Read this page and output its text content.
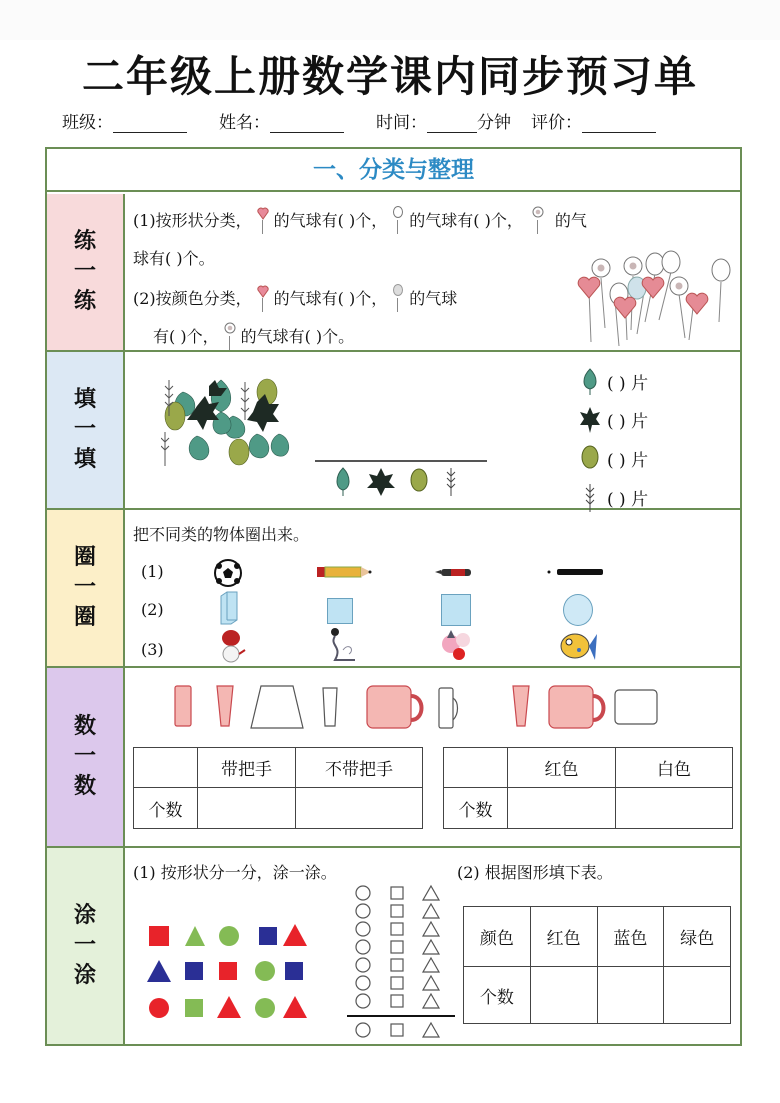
二年级上册数学课内同步预习单
班级：	姓名：	时间：	分钟 评价：
一、分类与整理
练
一
练
(1)按形状分类， 的气球有( )个， 的气球有( )个， 的气
球有( )个。
(2)按颜色分类， 的气球有( )个， 的气球
有( )个， 的气球有( )个。
填
一
填
( ) 片
( ) 片
( ) 片
( ) 片
圈
一
圈
把不同类的物体圈出来。
(1)
(2)
(3)
数
一
数
	带把手	不带把手
个数		
	红色	白色
个数		
涂
一
涂
(1) 按形状分一分，涂一涂。	(2) 根据图形填下表。
颜色	红色	蓝色	绿色
个数			
